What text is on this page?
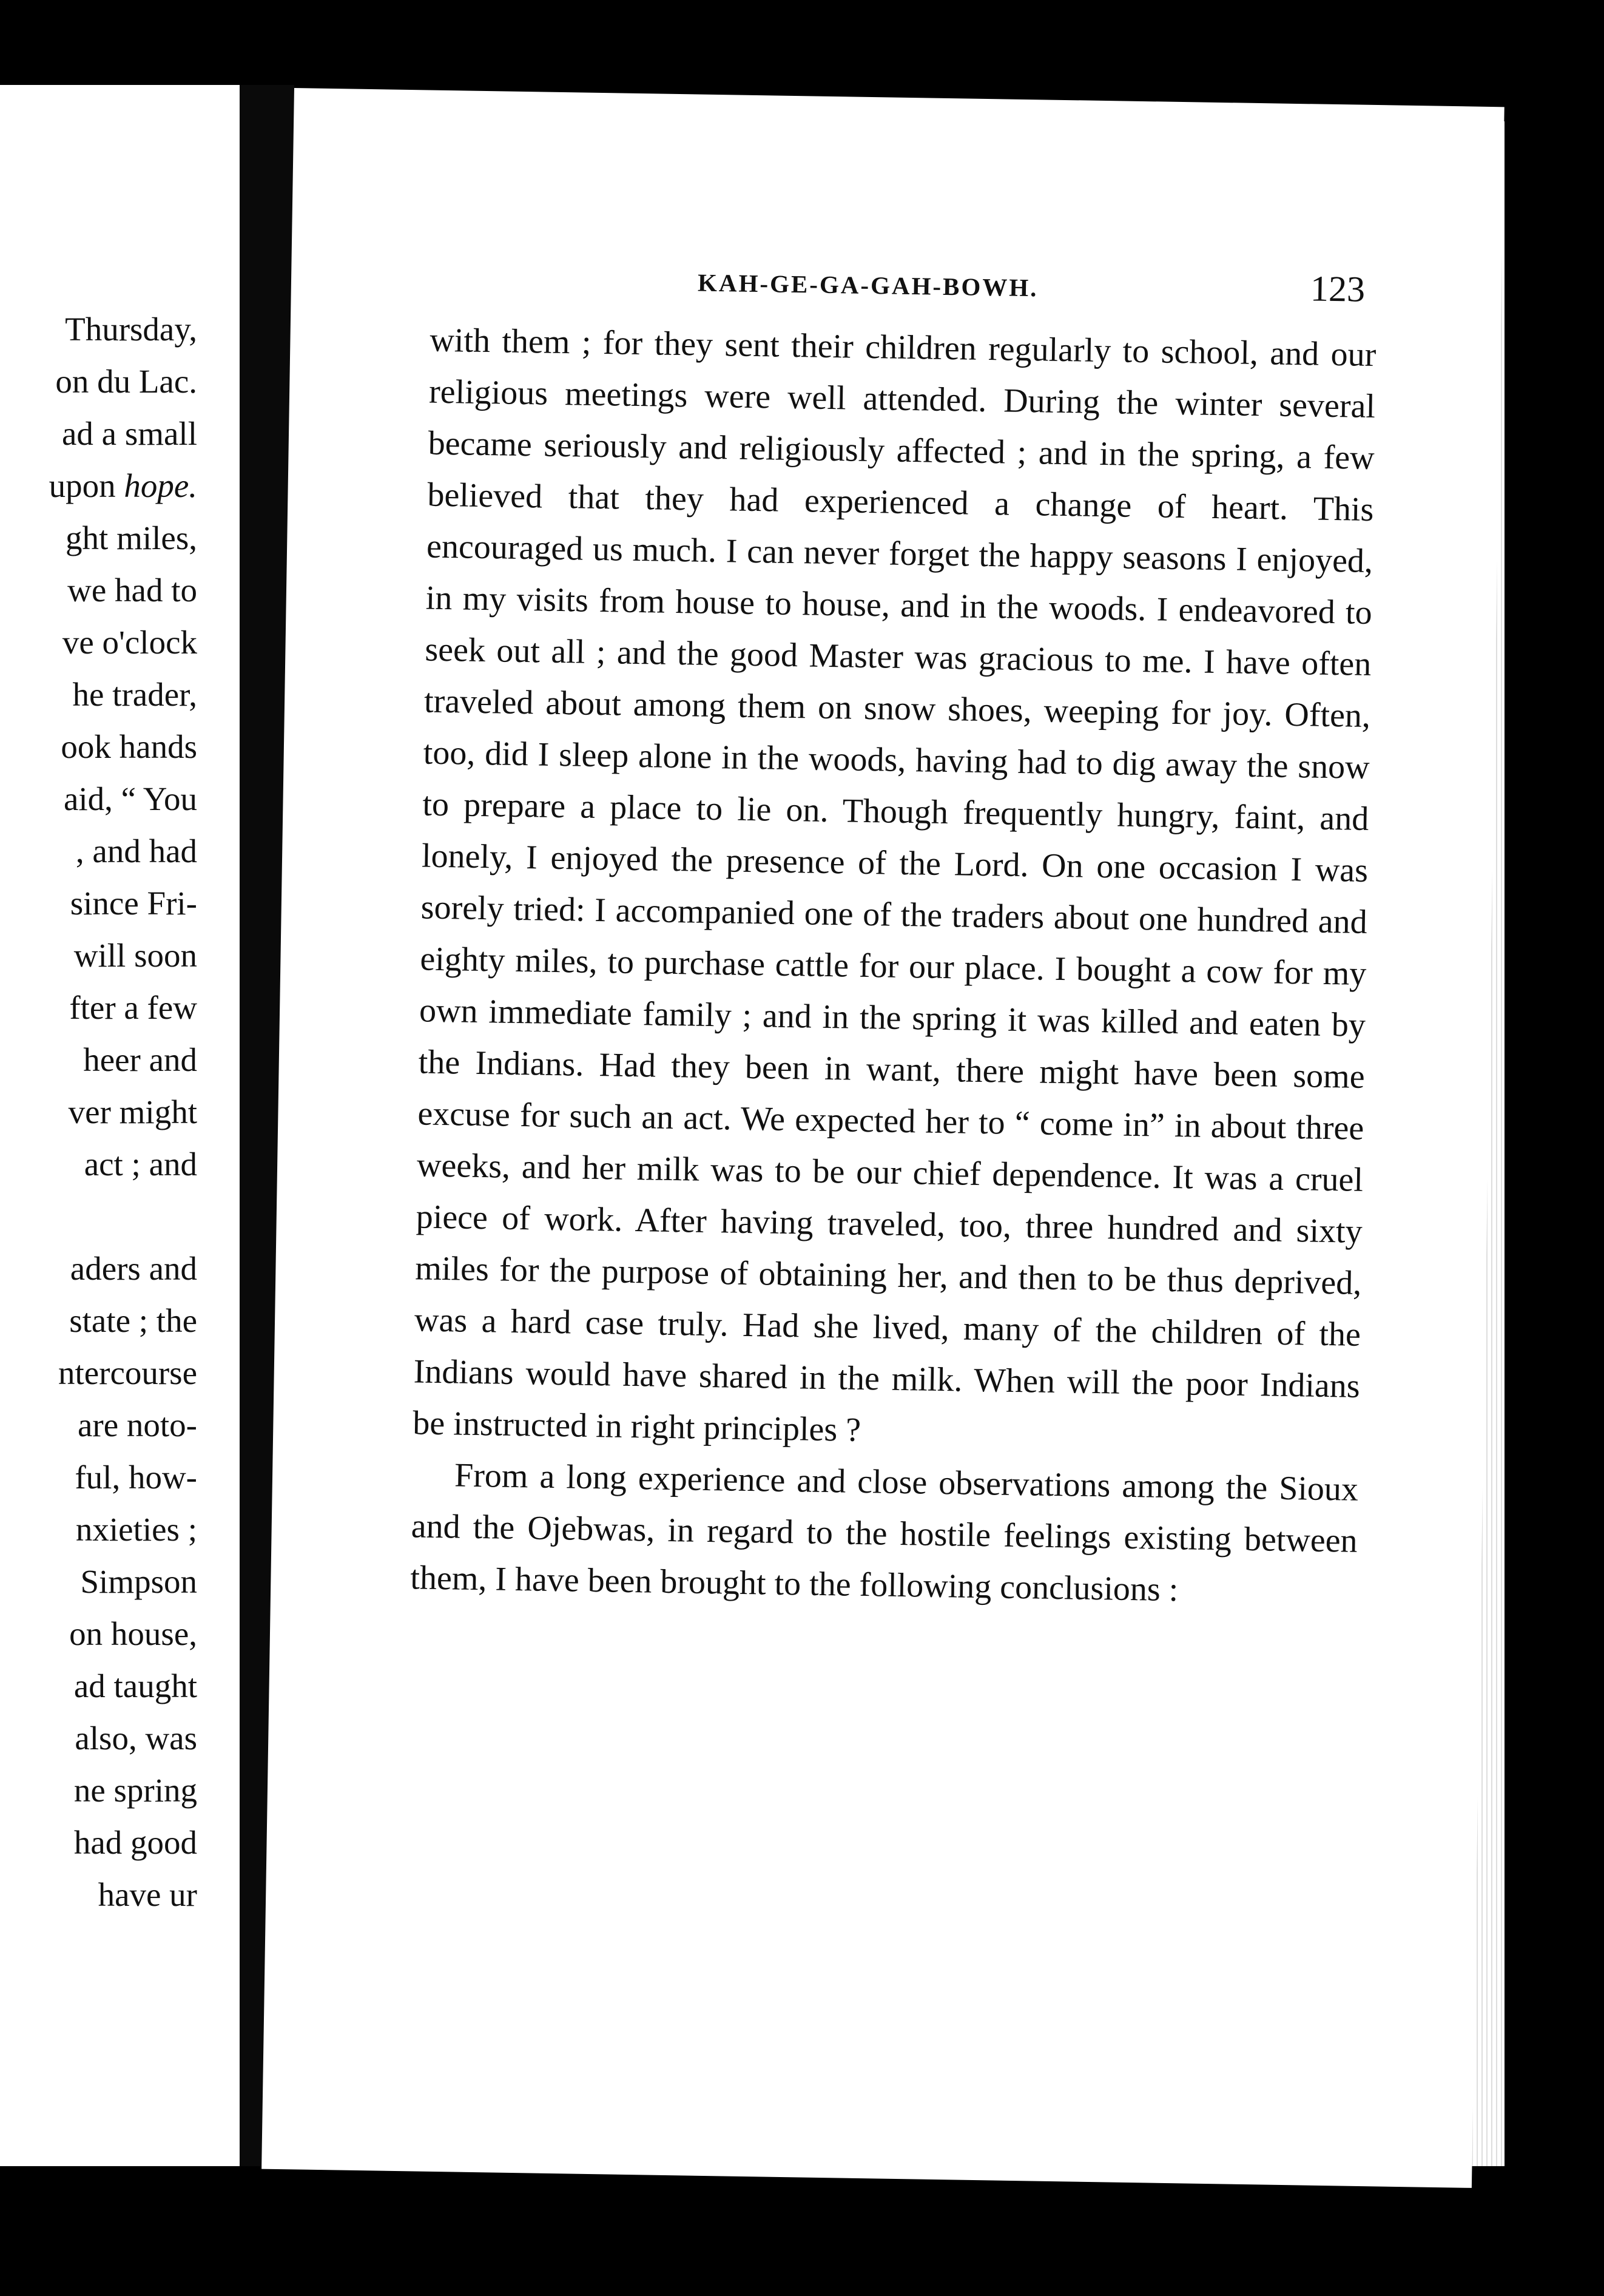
Thursday,
on du Lac.
ad a small
upon hope.
ght miles,
we had to
ve o'clock
he trader,
ook hands
aid, “ You
, and had
since Fri-
will soon
fter a few
heer and
ver might
act ; and
aders and
state ; the
ntercourse
are noto-
ful, how-
nxieties ;
Simpson
on house,
ad taught
also, was
ne spring
had good
have ur
KAH-GE-GA-GAH-BOWH.	123

with them ; for they sent their children regularly to school, and our religious meetings were well attended. During the winter several became seriously and religiously affected ; and in the spring, a few believed that they had experienced a change of heart. This encouraged us much. I can never forget the happy seasons I enjoyed, in my visits from house to house, and in the woods. I endeavored to seek out all ; and the good Master was gracious to me. I have often traveled about among them on snow shoes, weeping for joy. Often, too, did I sleep alone in the woods, having had to dig away the snow to prepare a place to lie on. Though frequently hungry, faint, and lonely, I enjoyed the presence of the Lord. On one occasion I was sorely tried: I accompanied one of the traders about one hundred and eighty miles, to purchase cattle for our place. I bought a cow for my own immediate family ; and in the spring it was killed and eaten by the Indians. Had they been in want, there might have been some excuse for such an act. We expected her to “ come in” in about three weeks, and her milk was to be our chief dependence. It was a cruel piece of work. After having traveled, too, three hundred and sixty miles for the purpose of obtaining her, and then to be thus deprived, was a hard case truly. Had she lived, many of the children of the Indians would have shared in the milk. When will the poor Indians be instructed in right principles ?

From a long experience and close observations among the Sioux and the Ojebwas, in regard to the hostile feelings existing between them, I have been brought to the following conclusions :
